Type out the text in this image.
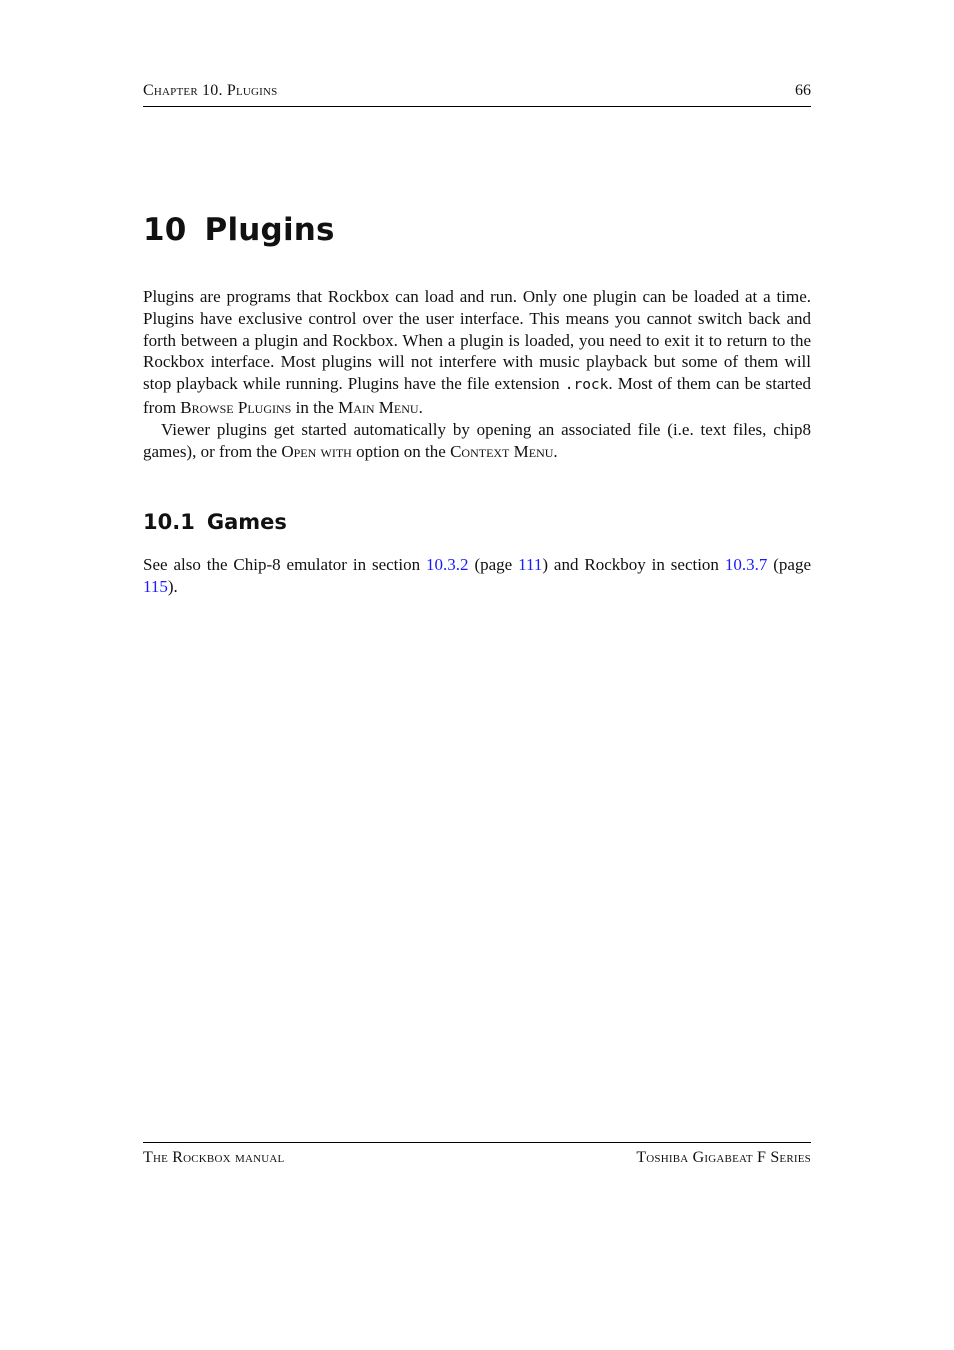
Chapter 10. Plugins	66
10 Plugins

Plugins are programs that Rockbox can load and run. Only one plugin can be loaded at a time. Plugins have exclusive control over the user interface. This means you cannot switch back and forth between a plugin and Rockbox. When a plugin is loaded, you need to exit it to return to the Rockbox interface. Most plugins will not interfere with music playback but some of them will stop playback while running. Plugins have the file extension .rock. Most of them can be started from Browse Plugins in the Main Menu.

Viewer plugins get started automatically by opening an associated file (i.e. text files, chip8 games), or from the Open with option on the Context Menu.

10.1 Games

See also the Chip-8 emulator in section 10.3.2 (page 111) and Rockboy in section 10.3.7 (page 115).

The Rockbox manual	Toshiba Gigabeat F Series
